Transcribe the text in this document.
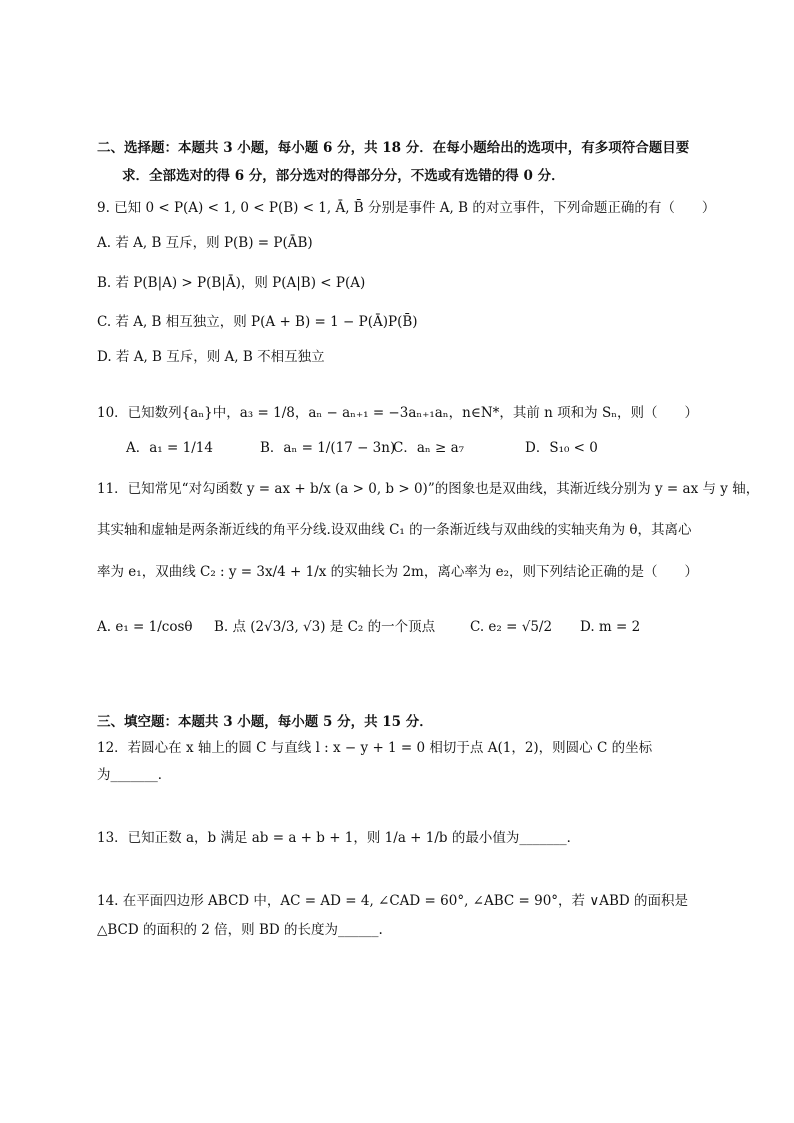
二、选择题：本题共 3 小题，每小题 6 分，共 18 分．在每小题给出的选项中，有多项符合题目要
求．全部选对的得 6 分，部分选对的得部分分，不选或有选错的得 0 分．
9. 已知 0 < P(A) < 1, 0 < P(B) < 1, Ā, B̄ 分别是事件 A, B 的对立事件，下列命题正确的有（　　）
A. 若 A, B 互斥，则 P(B) = P(ĀB)
B. 若 P(B|A) > P(B|Ā)，则 P(A|B) < P(A)
C. 若 A, B 相互独立，则 P(A + B) = 1 − P(Ā)P(B̄)
D. 若 A, B 互斥，则 A, B 不相互独立
10．已知数列{aₙ}中，a₃ = 1/8，aₙ − aₙ₊₁ = −3aₙ₊₁aₙ，n∈N*，其前 n 项和为 Sₙ，则（　　）
A．a₁ = 1/14	B．aₙ = 1/(17 − 3n)
C．aₙ ≥ a₇	D．S₁₀ < 0
11．已知常见“对勾函数 y = ax + b/x (a > 0, b > 0)”的图象也是双曲线，其渐近线分别为 y = ax 与 y 轴，
其实轴和虚轴是两条渐近线的角平分线.设双曲线 C₁ 的一条渐近线与双曲线的实轴夹角为 θ，其离心
率为 e₁，双曲线 C₂ : y = 3x/4 + 1/x 的实轴长为 2m，离心率为 e₂，则下列结论正确的是（　　）
A. e₁ = 1/cosθ	B. 点 (2√3/3, √3) 是 C₂ 的一个顶点	C. e₂ = √5/2	D. m = 2
三、填空题：本题共 3 小题，每小题 5 分，共 15 分．
12．若圆心在 x 轴上的圆 C 与直线 l : x − y + 1 = 0 相切于点 A(1，2)，则圆心 C 的坐标
为_______．
13．已知正数 a，b 满足 ab = a + b + 1，则 1/a + 1/b 的最小值为_______．
14. 在平面四边形 ABCD 中，AC = AD = 4, ∠CAD = 60°, ∠ABC = 90°，若 ∨ABD 的面积是
△BCD 的面积的 2 倍，则 BD 的长度为______.
